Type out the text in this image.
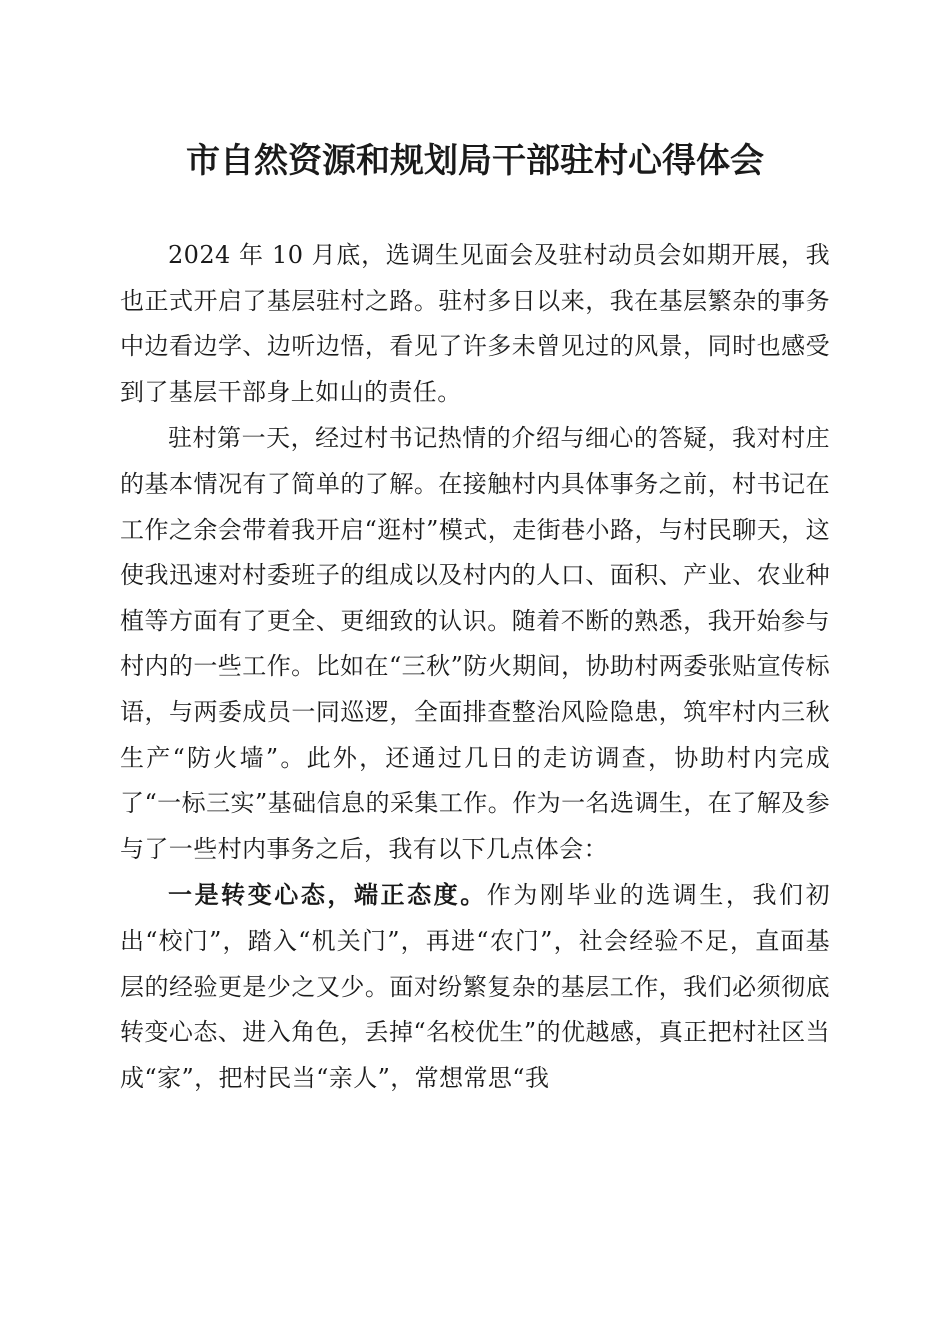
市自然资源和规划局干部驻村心得体会

2024 年 10 月底，选调生见面会及驻村动员会如期开展，我也正式开启了基层驻村之路。驻村多日以来，我在基层繁杂的事务中边看边学、边听边悟，看见了许多未曾见过的风景，同时也感受到了基层干部身上如山的责任。

驻村第一天，经过村书记热情的介绍与细心的答疑，我对村庄的基本情况有了简单的了解。在接触村内具体事务之前，村书记在工作之余会带着我开启“逛村”模式，走街巷小路，与村民聊天，这使我迅速对村委班子的组成以及村内的人口、面积、产业、农业种植等方面有了更全、更细致的认识。随着不断的熟悉，我开始参与村内的一些工作。比如在“三秋”防火期间，协助村两委张贴宣传标语，与两委成员一同巡逻，全面排查整治风险隐患，筑牢村内三秋生产“防火墙”。此外，还通过几日的走访调查，协助村内完成了“一标三实”基础信息的采集工作。作为一名选调生，在了解及参与了一些村内事务之后，我有以下几点体会：

一是转变心态，端正态度。作为刚毕业的选调生，我们初出“校门”，踏入“机关门”，再进“农门”，社会经验不足，直面基层的经验更是少之又少。面对纷繁复杂的基层工作，我们必须彻底转变心态、进入角色，丢掉“名校优生”的优越感，真正把村社区当成“家”，把村民当“亲人”，常想常思“我
